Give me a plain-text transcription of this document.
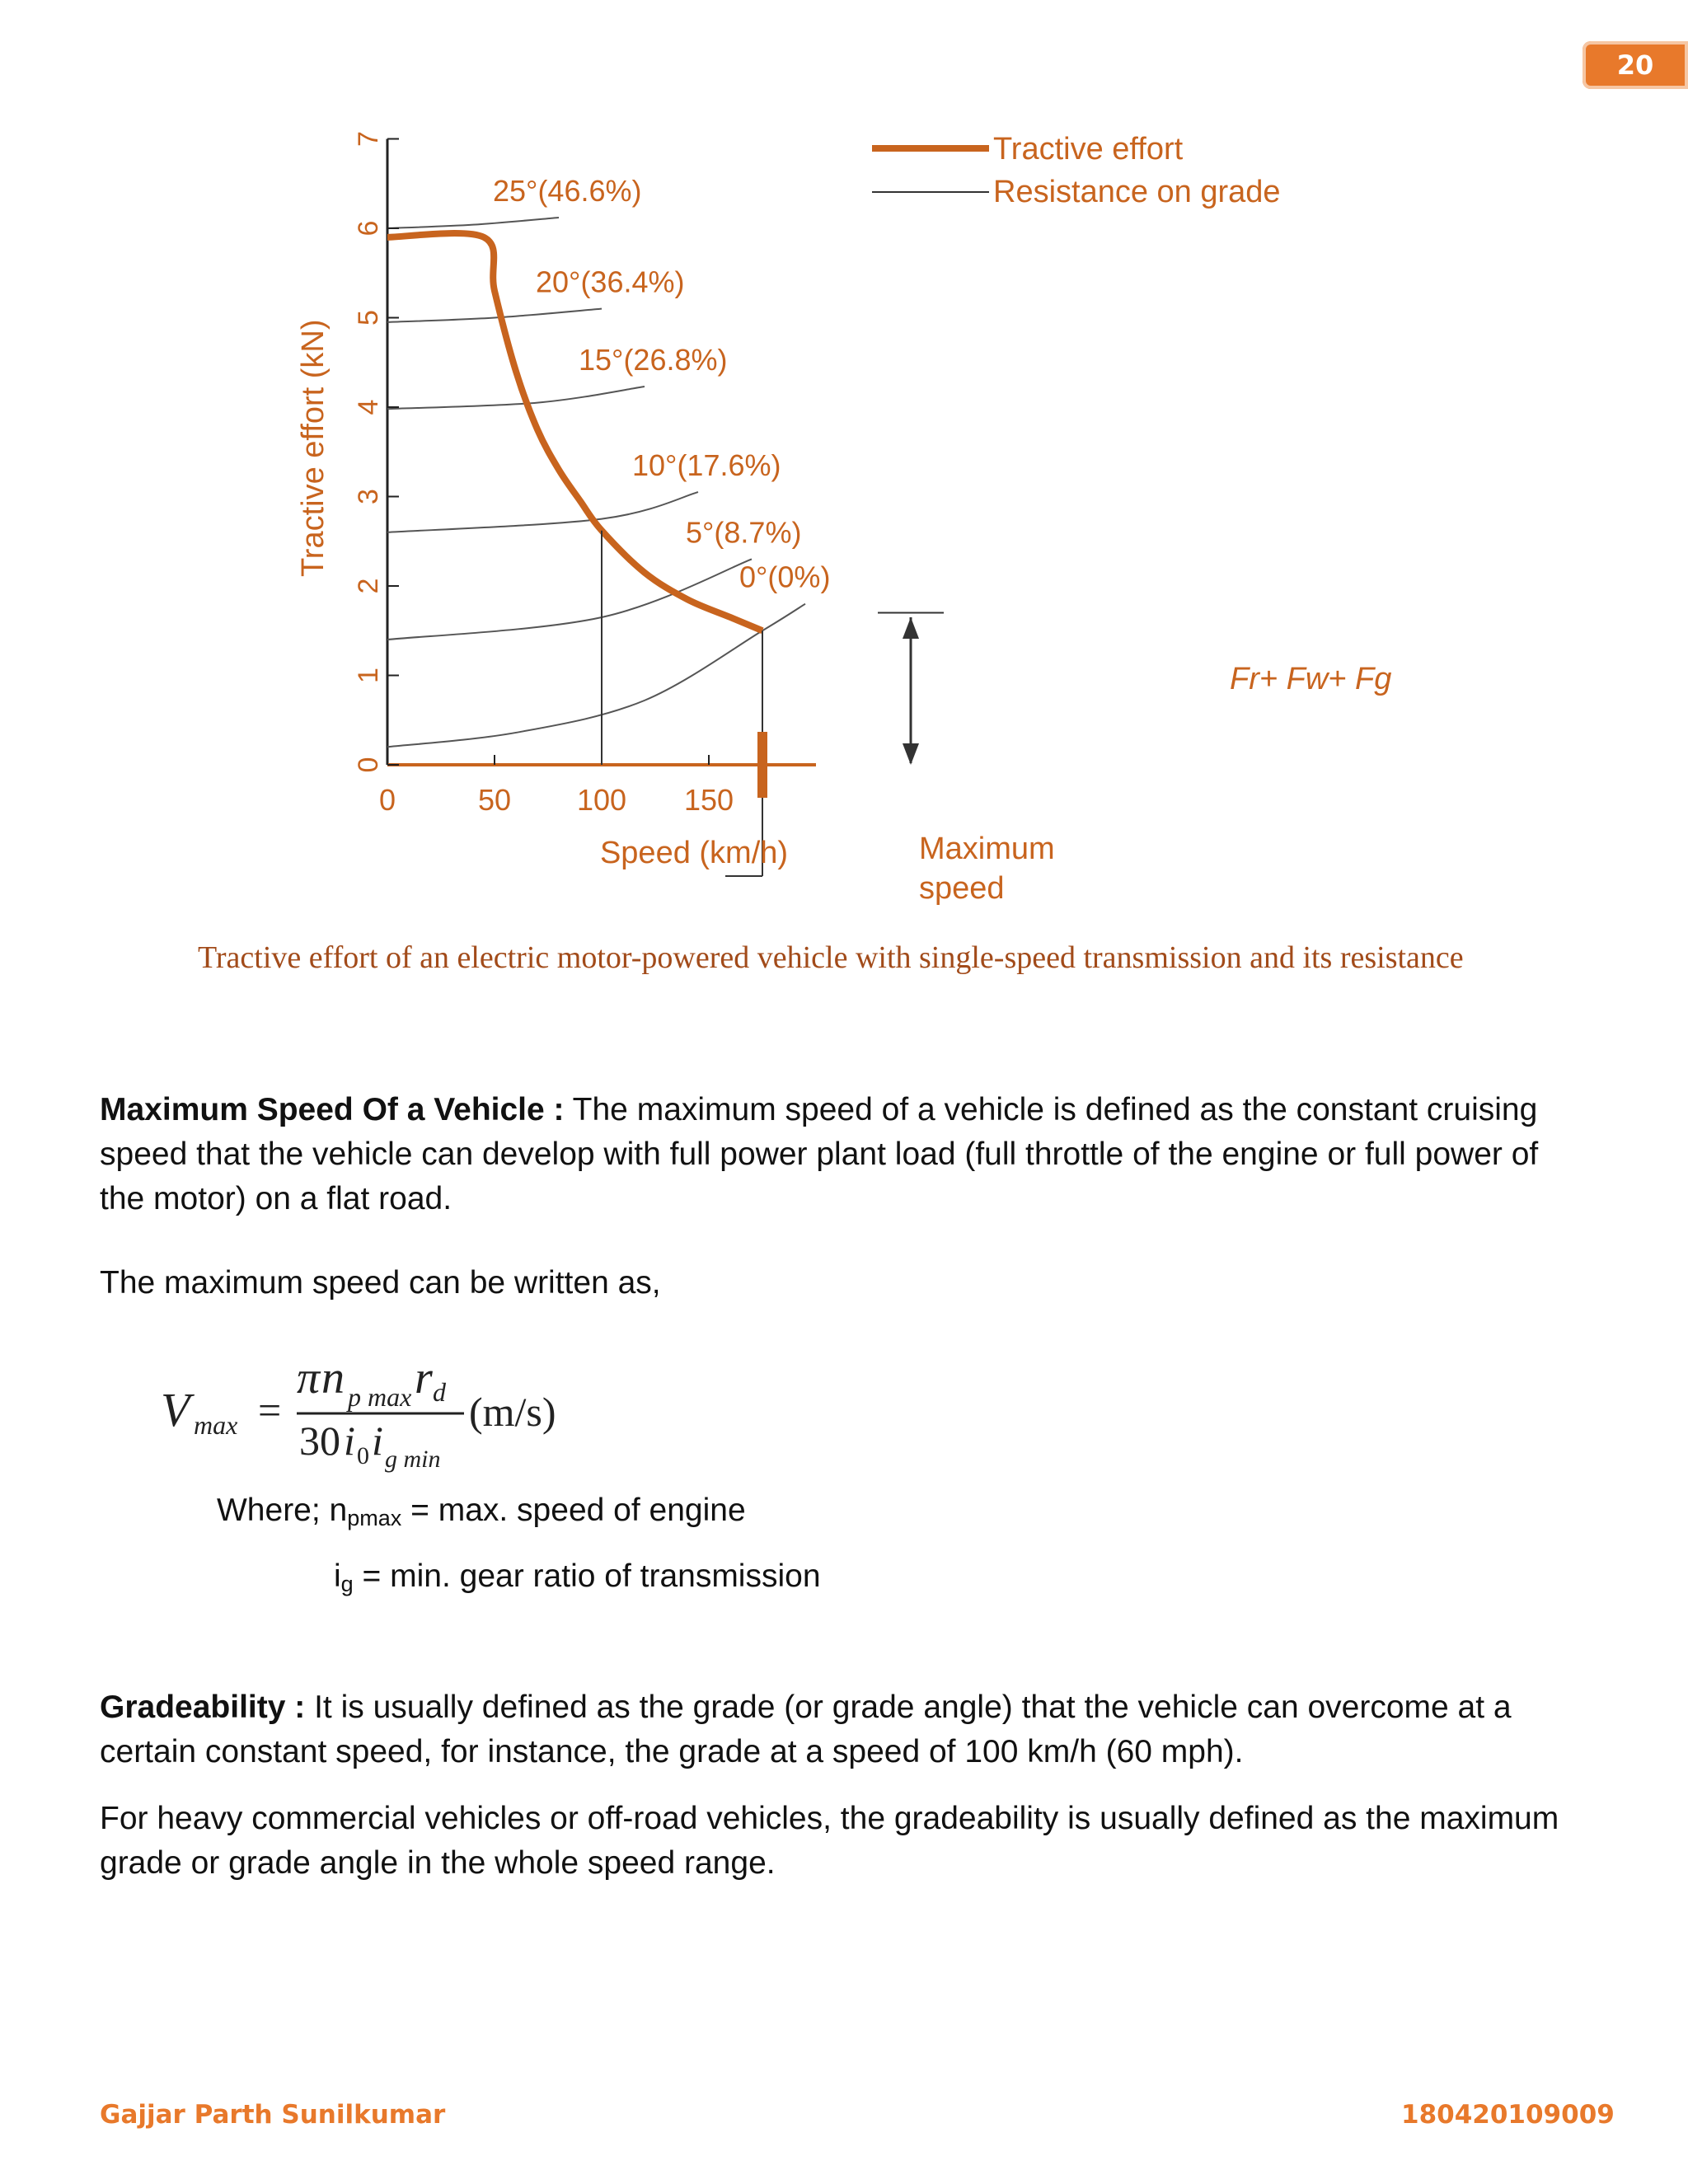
20
25°(46.6%)
20°(36.4%)
15°(26.8%)
10°(17.6%)
5°(8.7%)
0°(0%)
0
1
2
3
4
5
6
7
0	50 100 150
Tractive effort
Resistance on grade
Tractive effort (kN)
Speed (km/h)	Maximum
speed
Fr+ Fw+ Fg
Tractive effort of an electric motor-powered vehicle with single-speed transmission and its resistance

Maximum Speed Of a Vehicle : The maximum speed of a vehicle is defined as the constant cruising speed that the vehicle can develop with full power plant load (full throttle of the engine or full power of the motor) on a flat road.

The maximum speed can be written as,

V max =
π n p max r d
30 i 0 i g min
(m/s)
Where; npmax = max. speed of engine
ig = min. gear ratio of transmission

Gradeability : It is usually defined as the grade (or grade angle) that the vehicle can overcome at a certain constant speed, for instance, the grade at a speed of 100 km/h (60 mph).

For heavy commercial vehicles or off-road vehicles, the gradeability is usually defined as the maximum grade or grade angle in the whole speed range.

Gajjar Parth Sunilkumar	180420109009
